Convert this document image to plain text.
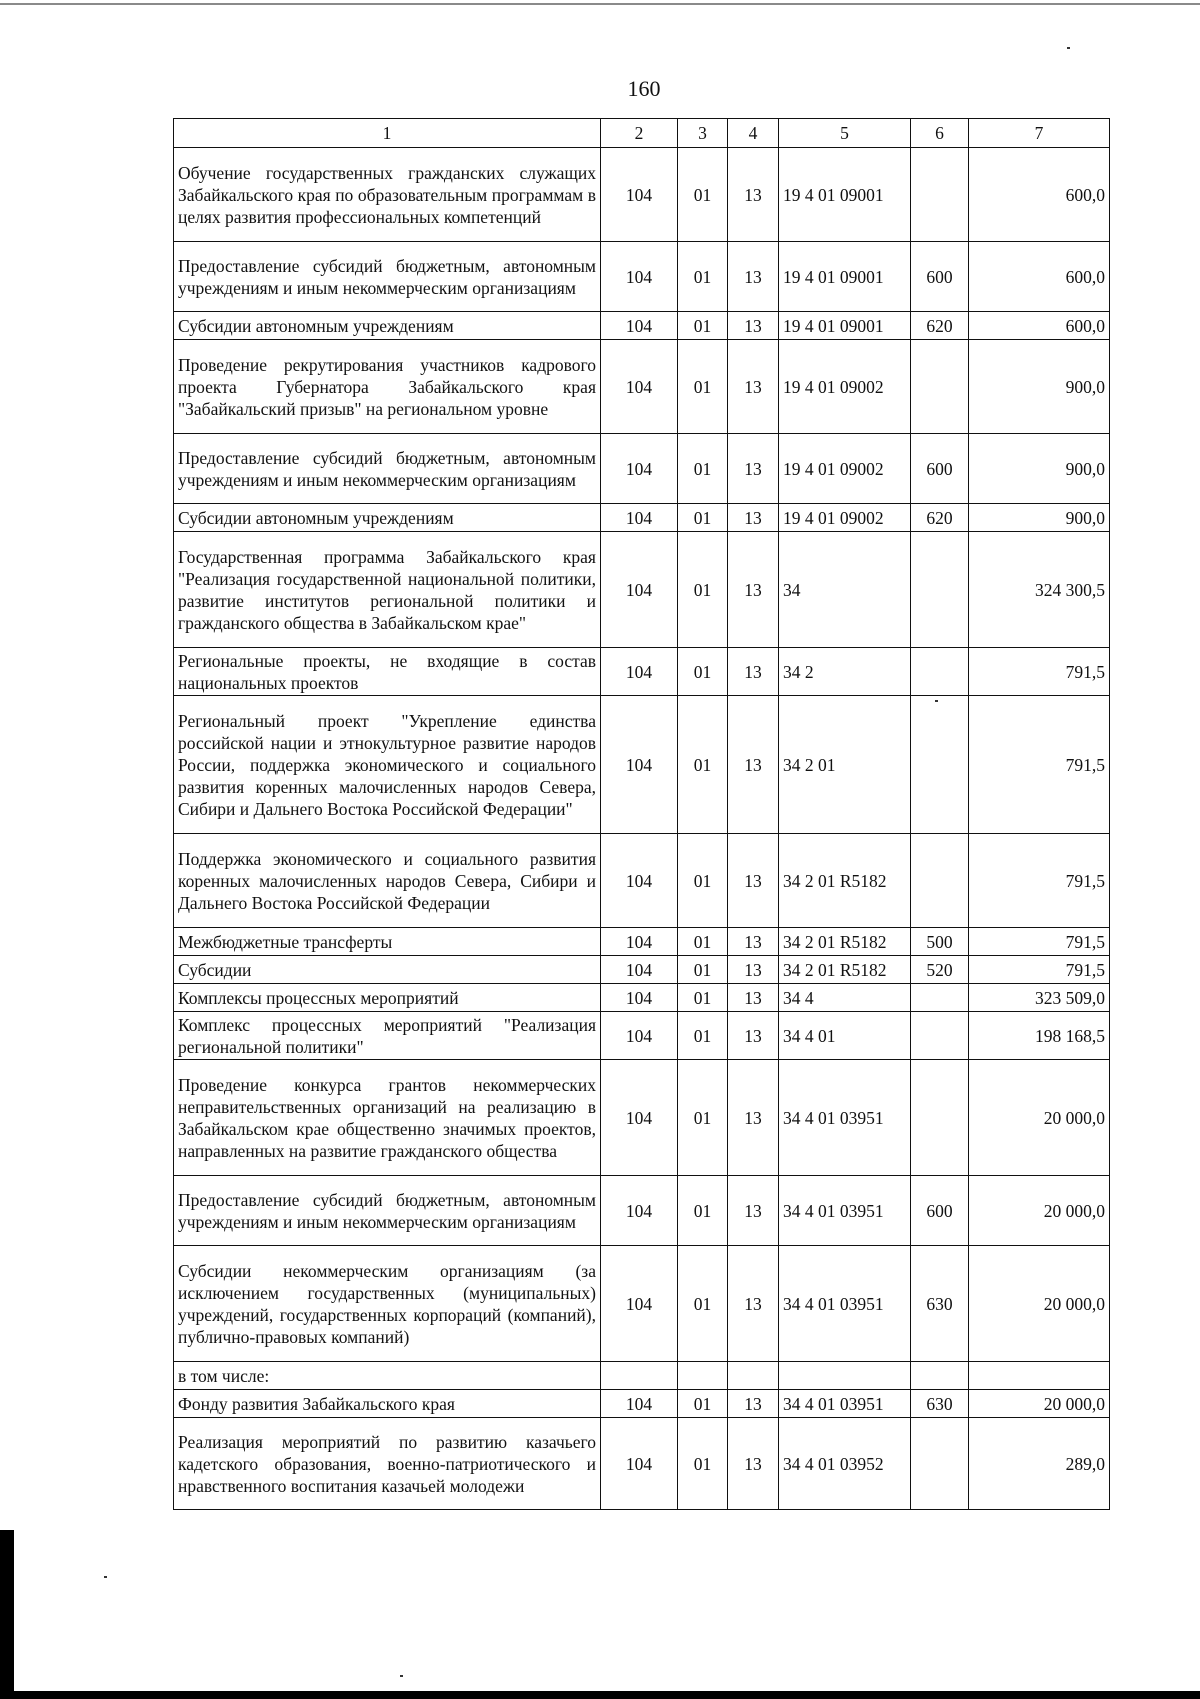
160
1	2	3	4	5	6	7
Обучение государственных гражданских служащих Забайкальского края по образовательным программам в целях развития профессиональных компетенций	104	01	13	19 4 01 09001		600,0
Предоставление субсидий бюджетным, автономным учреждениям и иным некоммерческим организациям	104	01	13	19 4 01 09001	600	600,0
Субсидии автономным учреждениям	104	01	13	19 4 01 09001	620	600,0
Проведение рекрутирования участников кадрового проекта Губернатора Забайкальского края "Забайкальский призыв" на региональном уровне	104	01	13	19 4 01 09002		900,0
Предоставление субсидий бюджетным, автономным учреждениям и иным некоммерческим организациям	104	01	13	19 4 01 09002	600	900,0
Субсидии автономным учреждениям	104	01	13	19 4 01 09002	620	900,0
Государственная программа Забайкальского края "Реализация государственной национальной политики, развитие институтов региональной политики и гражданского общества в Забайкальском крае"	104	01	13	34		324 300,5
Региональные проекты, не входящие в состав национальных проектов	104	01	13	34 2		791,5
Региональный проект "Укрепление единства российской нации и этнокультурное развитие народов России, поддержка экономического и социального развития коренных малочисленных народов Севера, Сибири и Дальнего Востока Российской Федерации"	104	01	13	34 2 01		791,5
Поддержка экономического и социального развития коренных малочисленных народов Севера, Сибири и Дальнего Востока Российской Федерации	104	01	13	34 2 01 R5182		791,5
Межбюджетные трансферты	104	01	13	34 2 01 R5182	500	791,5
Субсидии	104	01	13	34 2 01 R5182	520	791,5
Комплексы процессных мероприятий	104	01	13	34 4		323 509,0
Комплекс процессных мероприятий "Реализация региональной политики"	104	01	13	34 4 01		198 168,5
Проведение конкурса грантов некоммерческих неправительственных организаций на реализацию в Забайкальском крае общественно значимых проектов, направленных на развитие гражданского общества	104	01	13	34 4 01 03951		20 000,0
Предоставление субсидий бюджетным, автономным учреждениям и иным некоммерческим организациям	104	01	13	34 4 01 03951	600	20 000,0
Субсидии некоммерческим организациям (за исключением государственных (муниципальных) учреждений, государственных корпораций (компаний), публично-правовых компаний)	104	01	13	34 4 01 03951	630	20 000,0
в том числе:						
Фонду развития Забайкальского края	104	01	13	34 4 01 03951	630	20 000,0
Реализация мероприятий по развитию казачьего кадетского образования, военно-патриотического и нравственного воспитания казачьей молодежи	104	01	13	34 4 01 03952		289,0
